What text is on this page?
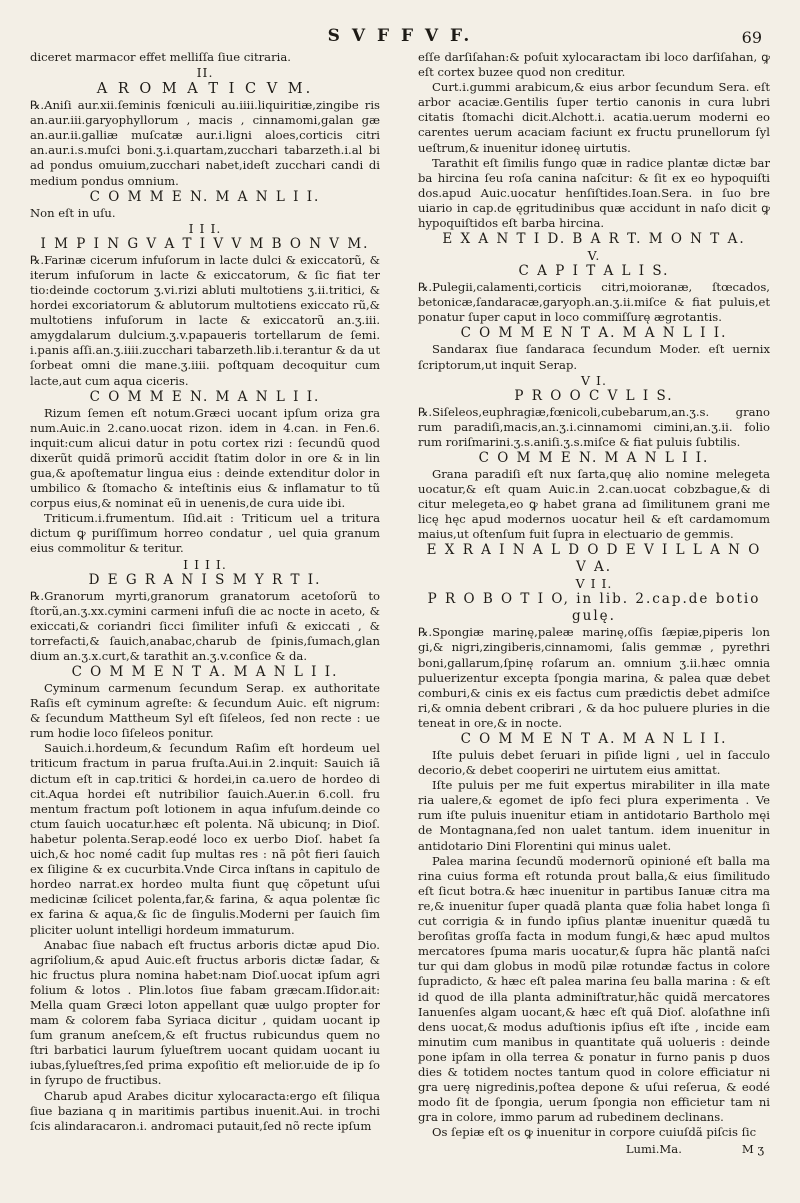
S V F F V F.	69

diceret marmacor effet melliſſa ſiue citraria.

II.

A R O M A T I C V M.

℞.Aniſi aur.xii.ſeminis fœniculi au.iiii.liquiritiæ,zingibe ris an.aur.iii.garyophyllorum , macis , cinnamomi,galan gæ an.aur.ii.galliæ muſcatæ aur.i.ligni aloes,corticis citri an.aur.i.s.muſci boni.ʒ.i.quartam,zucchari tabarzeth.i.al bi ad pondus omuium,zucchari nabet,ideſt zucchari candi di medium pondus omnium.

C O M M E N. M A N L I I.

Non eſt in uſu.

I I I.

I M P I N G V A T I V V M B O N V M.

℞.Farinæ cicerum infuſorum in lacte dulci & exiccatorũ, & iterum infuſorum in lacte & exiccatorum, & ſic fiat ter tio:deinde coctorum ʒ.vi.rizi abluti multotiens ʒ.ii.tritici, & hordei excoriatorum & ablutorum multotiens exiccato rũ,& multotiens infuſorum in lacte & exiccatorũ an.ʒ.iii. amygdalarum dulcium.ʒ.v.papaueris tortellarum de ſemi. i.panis aſſi.an.ʒ.iiii.zucchari tabarzeth.lib.i.terantur & da ut ſorbeat omni die mane.ʒ.iiii. poſtquam decoquitur cum lacte,aut cum aqua ciceris.

C O M M E N. M A N L I I.

Rizum ſemen eſt notum.Græci uocant ipſum oriza gra num.Auic.in 2.cano.uocat rizon. idem in 4.can. in Fen.6. inquit:cum alicui datur in potu cortex rizi : ſecundũ quod dixerũt quidã primorũ accidit ſtatim dolor in ore & in lin gua,& apoſtematur lingua eius : deinde extenditur dolor in umbilico & ſtomacho & inteſtinis eius & inflamatur to tũ corpus eius,& nominat eũ in uenenis,de cura uide ibi.

Triticum.i.frumentum. Iſid.ait : Triticum uel a tritura dictum ꝙ puriſſimum horreo condatur , uel quia granum eius commolitur & teritur.

I I I I.

D E G R A N I S M Y R T I.

℞.Granorum myrti,granorum granatorum acetoſorũ to ſtorũ,an.ʒ.xx.cymini carmeni infuſi die ac nocte in aceto, & exiccati,& coriandri ſicci ſimiliter infuſi & exiccati , & torrefacti,& ſauich,anabac,charub de ſpinis,ſumach,glan dium an.ʒ.x.curt,& tarathit an.ʒ.v.conſice & da.

C O M M E N T A. M A N L I I.

Cyminum carmenum ſecundum Serap. ex authoritate Raſis eſt cyminum agreſte: & ſecundum Auic. eſt nigrum: & ſecundum Mattheum Syl eſt ſiſeleos, ſed non recte : ue rum hodie loco ſiſeleos ponitur.

Sauich.i.hordeum,& ſecundum Raſim eſt hordeum uel triticum fractum in parua fruſta.Aui.in 2.inquit: Sauich iã dictum eſt in cap.tritici & hordei,in ca.uero de hordeo di cit.Aqua hordei eſt nutribilior ſauich.Auer.in 6.coll. fru mentum fractum poſt lotionem in aqua infuſum.deinde co ctum ſauich uocatur.hæc eſt polenta. Nã ubicunq; in Dioſ. habetur polenta.Serap.eodé loco ex uerbo Dioſ. habet ſa uich,& hoc nomé cadit ſup multas res : nã pôt fieri ſauich ex ſiligine & ex cucurbita.Vnde Circa inſtans in capitulo de hordeo narrat.ex hordeo multa fiunt quę cõpetunt uſui medicinæ ſcilicet polenta,far,& farina, & aqua polentæ ſic ex farina & aqua,& ſic de ſingulis.Moderni per ſauich ſim pliciter uolunt intelligi hordeum immaturum.

Anabac ſiue nabach eſt fructus arboris dictæ apud Dio. agriſolium,& apud Auic.eſt fructus arboris dictæ ſadar, & hic fructus plura nomina habet:nam Dioſ.uocat ipſum agri folium & lotos . Plin.lotos ſiue fabam græcam.Iſidor.ait: Mella quam Græci loton appellant quæ uulgo propter for mam & colorem faba Syriaca dicitur , quidam uocant ip ſum granum aneſcem,& eſt fructus rubicundus quem no ſtri barbatici laurum ſylueſtrem uocant quidam uocant iu iubas,ſylueſtres,ſed prima expoſitio eſt melior.uide de ip ſo in ſyrupo de fructibus.

Charub apud Arabes dicitur xylocaracta:ergo eſt ſiliqua ſiue baziana q in maritimis partibus inuenit.Aui. in trochi ſcis alindaracaron.i. andromaci putauit,ſed nõ recte ipſum

eſſe darſiſahan:& poſuit xylocaractam ibi loco darſiſahan, ꝙ eſt cortex buzee quod non creditur.

Curt.i.gummi arabicum,& eius arbor ſecundum Sera. eſt arbor acaciæ.Gentilis ſuper tertio canonis in cura lubri citatis ſtomachi dicit.Alchott.i. acatia.uerum moderni eo carentes uerum acaciam faciunt ex fructu prunellorum ſyl ueſtrum,& inuenitur idoneę uirtutis.

Tarathit eſt ſimilis fungo quæ in radice plantæ dictæ bar ba hircina ſeu roſa canina naſcitur: & ſit ex eo hypoquiſti dos.apud Auic.uocatur henſiſtides.Ioan.Sera. in ſuo bre uiario in cap.de ęgritudinibus quæ accidunt in naſo dicit ꝙ hypoquiſtidos eſt barba hircina.

E X A N T I D. B A R T. M O N T A.

V.

C A P I T A L I S.

℞.Pulegii,calamenti,corticis citri,moioranæ, ſtœcados, betonicæ,ſandaracæ,garyoph.an.ʒ.ii.miſce & fiat puluis,et ponatur ſuper caput in loco commiſſurę ægrotantis.

C O M M E N T A. M A N L I I.

Sandarax ſiue ſandaraca ſecundum Moder. eſt uernix ſcriptorum,ut inquit Serap.

V I.

P R O O C V L I S.

℞.Siſeleos,euphragiæ,fœnicoli,cubebarum,an.ʒ.s. grano rum paradiſi,macis,an.ʒ.i.cinnamomi cimini,an.ʒ.ii. folio rum roriſmarini.ʒ.s.aniſi.ʒ.s.miſce & fiat puluis ſubtilis.

C O M M E N. M A N L I I.

Grana paradiſi eſt nux ſarta,quę alio nomine melegeta uocatur,& eſt quam Auic.in 2.can.uocat cobzbague,& di citur melegeta,eo ꝙ habet grana ad ſimilitunem grani me licę hęc apud modernos uocatur heil & eſt cardamomum maius,ut oſtenſum fuit ſupra in electuario de gemmis.

E X R A I N A L D O D E V I L L A N O V A.

V I I.

P R O B O T I O, in lib. 2.cap.de botio gulę.

℞.Spongiæ marinę,paleæ marinę,oſſis ſæpiæ,piperis lon gi,& nigri,zingiberis,cinnamomi, ſalis gemmæ , pyrethri boni,gallarum,ſpinę roſarum an. omnium ʒ.ii.hæc omnia puluerizentur excepta ſpongia marina, & palea quæ debet comburi,& cinis ex eis factus cum prædictis debet admiſce ri,& omnia debent cribrari , & da hoc puluere pluries in die teneat in ore,& in nocte.

C O M M E N T A. M A N L I I.

Iſte puluis debet ſeruari in piſide ligni , uel in ſacculo decorio,& debet cooperiri ne uirtutem eius amittat.

Iſte puluis per me fuit expertus mirabiliter in illa mate ria ualere,& egomet de ipſo feci plura experimenta . Ve rum iſte puluis inuenitur etiam in antidotario Bartholo męi de Montagnana,ſed non ualet tantum. idem inuenitur in antidotario Dini Florentini qui minus ualet.

Palea marina ſecundũ modernorũ opinioné eſt balla ma rina cuius forma eſt rotunda prout balla,& eius ſimilitudo eſt ſicut botra.& hæc inuenitur in partibus Ianuæ citra ma re,& inuenitur ſuper quadã planta quæ folia habet longa ſi cut corrigia & in fundo ipſius plantæ inuenitur quædã tu beroſitas groſſa facta in modum fungi,& hæc apud multos mercatores ſpuma maris uocatur,& ſupra hãc plantã naſci tur qui dam globus in modũ pilæ rotundæ factus in colore ſupradicto, & hæc eſt palea marina ſeu balla marina : & eſt id quod de illa planta adminiſtratur,hãc quidã mercatores Ianuenſes algam uocant,& hæc eſt quã Dioſ. aloſathne inſi dens uocat,& modus aduſtionis ipſius eſt iſte , incide eam minutim cum manibus in quantitate quã uolueris : deinde pone ipſam in olla terrea & ponatur in furno panis p duos dies & totidem noctes tantum quod in colore efficiatur ni gra uerę nigredinis,poſtea depone & uſui reſerua, & eodé modo ſit de ſpongia, uerum ſpongia non efficietur tam ni gra in colore, immo parum ad rubedinem declinans.

Os ſepiæ eſt os ꝙ inuenitur in corpore cuiuſdã piſcis ſic

Lumi.Ma.	M ʒ
